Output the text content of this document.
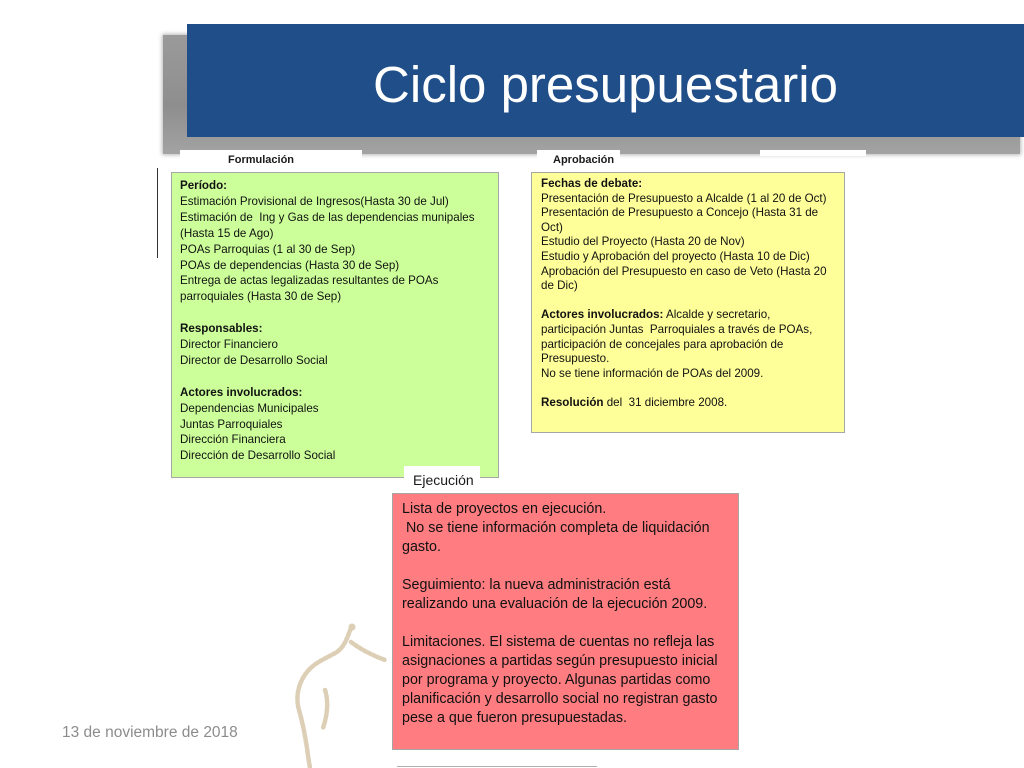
Ciclo presupuestario
Formulación	Aprobación
Período:
Estimación Provisional de Ingresos(Hasta 30 de Jul)
Estimación de  Ing y Gas de las dependencias munipales
(Hasta 15 de Ago)
POAs Parroquias (1 al 30 de Sep)
POAs de dependencias (Hasta 30 de Sep)
Entrega de actas legalizadas resultantes de POAs
parroquiales (Hasta 30 de Sep)
Responsables:
Director Financiero
Director de Desarrollo Social
Actores involucrados:
Dependencias Municipales
Juntas Parroquiales
Dirección Financiera
Dirección de Desarrollo Social
Fechas de debate:
Presentación de Presupuesto a Alcalde (1 al 20 de Oct)
Presentación de Presupuesto a Concejo (Hasta 31 de
Oct)
Estudio del Proyecto (Hasta 20 de Nov)
Estudio y Aprobación del proyecto (Hasta 10 de Dic)
Aprobación del Presupuesto en caso de Veto (Hasta 20
de Dic)
Actores involucrados: Alcalde y secretario,
participación Juntas  Parroquiales a través de POAs,
participación de concejales para aprobación de
Presupuesto.
No se tiene información de POAs del 2009.
Resolución del  31 diciembre 2008.
Ejecución
Lista de proyectos en ejecución.
No se tiene información completa de liquidación
gasto.
Seguimiento: la nueva administración está
realizando una evaluación de la ejecución 2009.
Limitaciones. El sistema de cuentas no refleja las
asignaciones a partidas según presupuesto inicial
por programa y proyecto. Algunas partidas como
planificación y desarrollo social no registran gasto
pese a que fueron presupuestadas.
13 de noviembre de 2018
